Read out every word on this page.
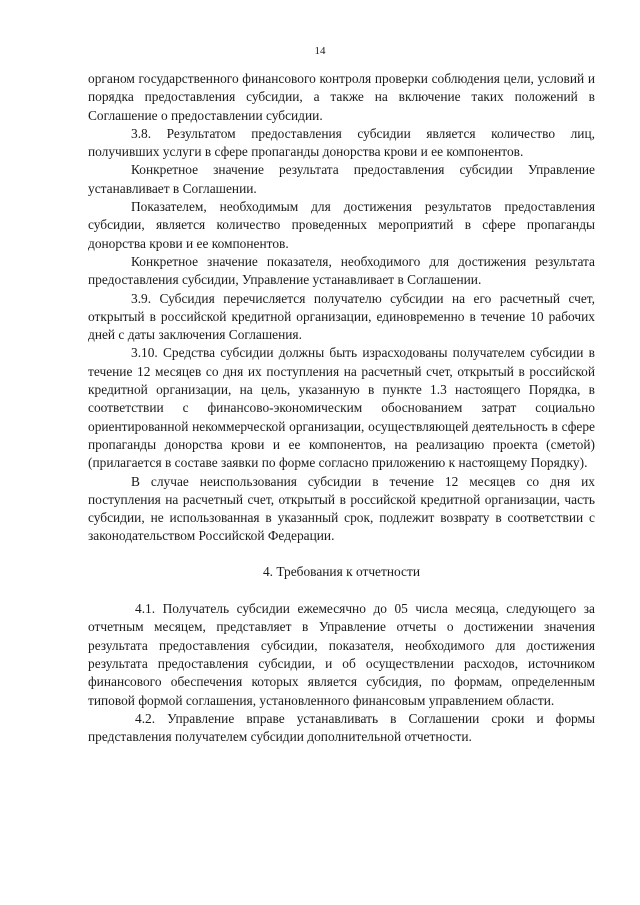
14

органом государственного финансового контроля проверки соблюдения цели, условий и порядка предоставления субсидии, а также на включение таких положений в Соглашение о предоставлении субсидии.

3.8. Результатом предоставления субсидии является количество лиц, получивших услуги в сфере пропаганды донорства крови и ее компонентов.

Конкретное значение результата предоставления субсидии Управление устанавливает в Соглашении.

Показателем, необходимым для достижения результатов предоставления субсидии, является количество проведенных мероприятий в сфере пропаганды донорства крови и ее компонентов.

Конкретное значение показателя, необходимого для достижения результата предоставления субсидии, Управление устанавливает в Соглашении.

3.9. Субсидия перечисляется получателю субсидии на его расчетный счет, открытый в российской кредитной организации, единовременно в течение 10 рабочих дней с даты заключения Соглашения.

3.10. Средства субсидии должны быть израсходованы получателем субсидии в течение 12 месяцев со дня их поступления на расчетный счет, открытый в российской кредитной организации, на цель, указанную в пункте 1.3 настоящего Порядка, в соответствии с финансово-экономическим обоснованием затрат социально ориентированной некоммерческой организации, осуществляющей деятельность в сфере пропаганды донорства крови и ее компонентов, на реализацию проекта (сметой) (прилагается в составе заявки по форме согласно приложению к настоящему Порядку).

В случае неиспользования субсидии в течение 12 месяцев со дня их поступления на расчетный счет, открытый в российской кредитной организации, часть субсидии, не использованная в указанный срок, подлежит возврату в соответствии с законодательством Российской Федерации.

4. Требования к отчетности

4.1. Получатель субсидии ежемесячно до 05 числа месяца, следующего за отчетным месяцем, представляет в Управление отчеты о достижении значения результата предоставления субсидии, показателя, необходимого для достижения результата предоставления субсидии, и об осуществлении расходов, источником финансового обеспечения которых является субсидия, по формам, определенным типовой формой соглашения, установленного финансовым управлением области.

4.2. Управление вправе устанавливать в Соглашении сроки и формы представления получателем субсидии дополнительной отчетности.
